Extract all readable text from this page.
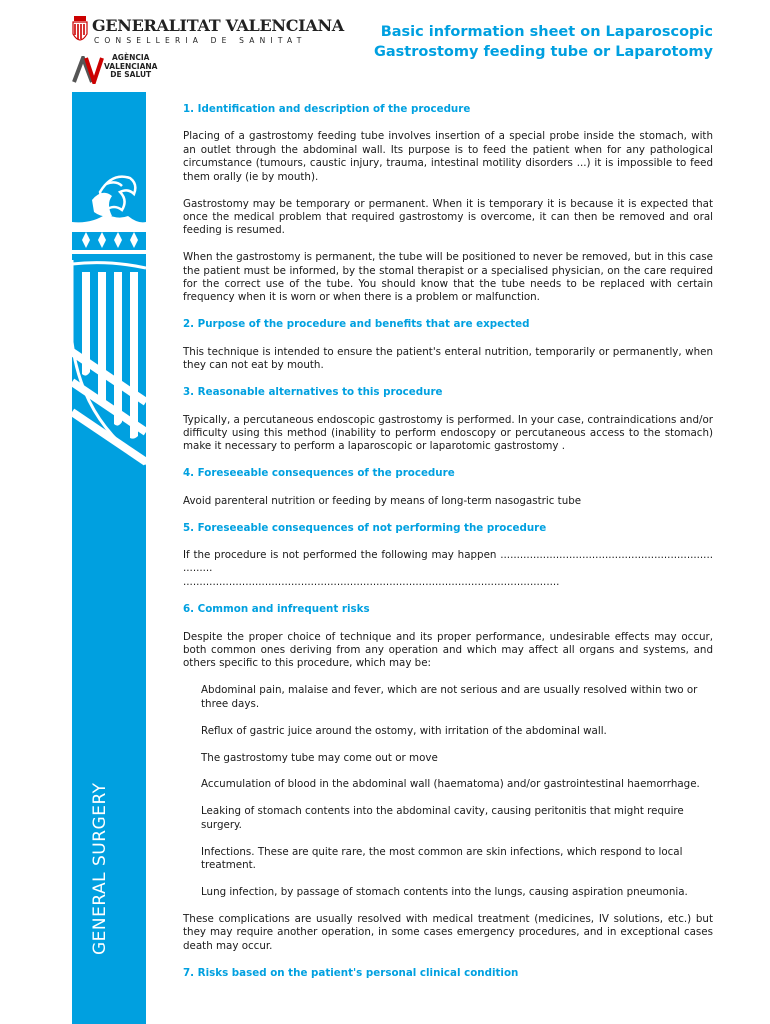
GENERALITAT VALENCIANA
CONSELLERIA DE SANITAT
AGÈNCIA
VALENCIANA
DE SALUT
Basic information sheet on Laparoscopic
Gastrostomy feeding tube or Laparotomy
GENERAL SURGERY
1. Identification and description of the procedure
Placing of a gastrostomy feeding tube involves insertion of a special probe inside the stomach, with an outlet through the abdominal wall. Its purpose is to feed the patient when for any pathological circumstance (tumours, caustic injury, trauma, intestinal motility disorders ...) it is impossible to feed them orally (ie by mouth).
Gastrostomy may be temporary or permanent. When it is temporary it is because it is expected that once the medical problem that required gastrostomy is overcome, it can then be removed and oral feeding is resumed.
When the gastrostomy is permanent, the tube will be positioned to never be removed, but in this case the patient must be informed, by the stomal therapist or a specialised physician, on the care required for the correct use of the tube. You should know that the tube needs to be replaced with certain frequency when it is worn or when there is a problem or malfunction.
2. Purpose of the procedure and benefits that are expected
This technique is intended to ensure the patient's enteral nutrition, temporarily or permanently, when they can not eat by mouth.
3. Reasonable alternatives to this procedure
Typically, a percutaneous endoscopic gastrostomy is performed. In your case, contraindications and/or difficulty using this method (inability to perform endoscopy or percutaneous access to the stomach) make it necessary to perform a laparoscopic or laparotomic gastrostomy .
4. Foreseeable consequences of the procedure
Avoid parenteral nutrition or feeding by means of long-term nasogastric tube
5. Foreseeable consequences of not performing the procedure
If the procedure is not performed the following may happen ................................................................. .........
...................................................................................................................
6. Common and infrequent risks
Despite the proper choice of technique and its proper performance, undesirable effects may occur, both common ones deriving from any operation and which may affect all organs and systems, and others specific to this procedure, which may be:
Abdominal pain, malaise and fever, which are not serious and are usually resolved within two or three days.
Reflux of gastric juice around the ostomy, with irritation of the abdominal wall.
The gastrostomy tube may come out or move
Accumulation of blood in the abdominal wall (haematoma) and/or gastrointestinal haemorrhage.
Leaking of stomach contents into the abdominal cavity, causing peritonitis that might require surgery.
Infections. These are quite rare, the most common are skin infections, which respond to local treatment.
Lung infection, by passage of stomach contents into the lungs, causing aspiration pneumonia.
These complications are usually resolved with medical treatment (medicines, IV solutions, etc.) but they may require another operation, in some cases emergency procedures, and in exceptional cases death may occur.
7. Risks based on the patient's personal clinical condition
